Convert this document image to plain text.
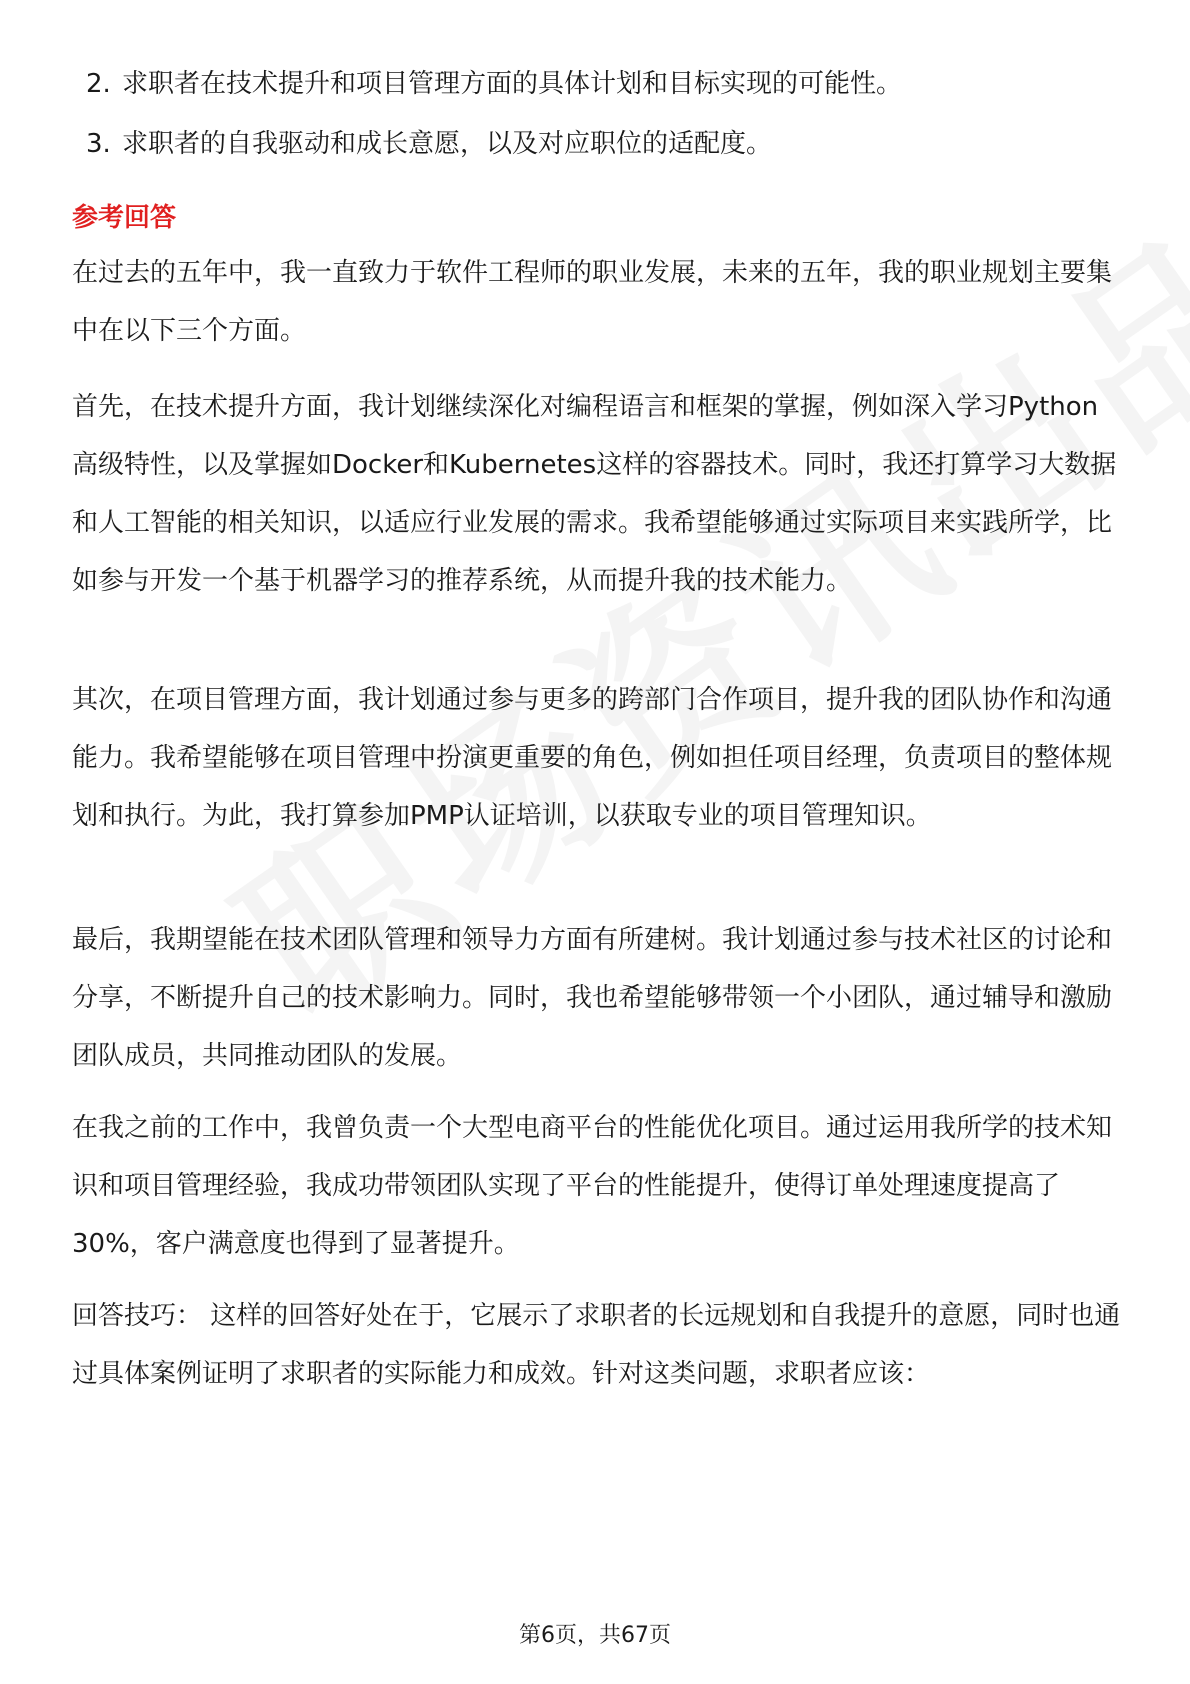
2. 求职者在技术提升和项目管理方面的具体计划和目标实现的可能性。
3. 求职者的自我驱动和成长意愿，以及对应职位的适配度。
参考回答

在过去的五年中，我一直致力于软件工程师的职业发展，未来的五年，我的职业规划主要集中在以下三个方面。

首先，在技术提升方面，我计划继续深化对编程语言和框架的掌握，例如深入学习Python高级特性，以及掌握如Docker和Kubernetes这样的容器技术。同时，我还打算学习大数据和人工智能的相关知识，以适应行业发展的需求。我希望能够通过实际项目来实践所学，比如参与开发一个基于机器学习的推荐系统，从而提升我的技术能力。

其次，在项目管理方面，我计划通过参与更多的跨部门合作项目，提升我的团队协作和沟通能力。我希望能够在项目管理中扮演更重要的角色，例如担任项目经理，负责项目的整体规划和执行。为此，我打算参加PMP认证培训，以获取专业的项目管理知识。

最后，我期望能在技术团队管理和领导力方面有所建树。我计划通过参与技术社区的讨论和分享，不断提升自己的技术影响力。同时，我也希望能够带领一个小团队，通过辅导和激励团队成员，共同推动团队的发展。

在我之前的工作中，我曾负责一个大型电商平台的性能优化项目。通过运用我所学的技术知识和项目管理经验，我成功带领团队实现了平台的性能提升，使得订单处理速度提高了30%，客户满意度也得到了显著提升。

回答技巧： 这样的回答好处在于，它展示了求职者的长远规划和自我提升的意愿，同时也通过具体案例证明了求职者的实际能力和成效。针对这类问题，求职者应该：

第6页，共67页
